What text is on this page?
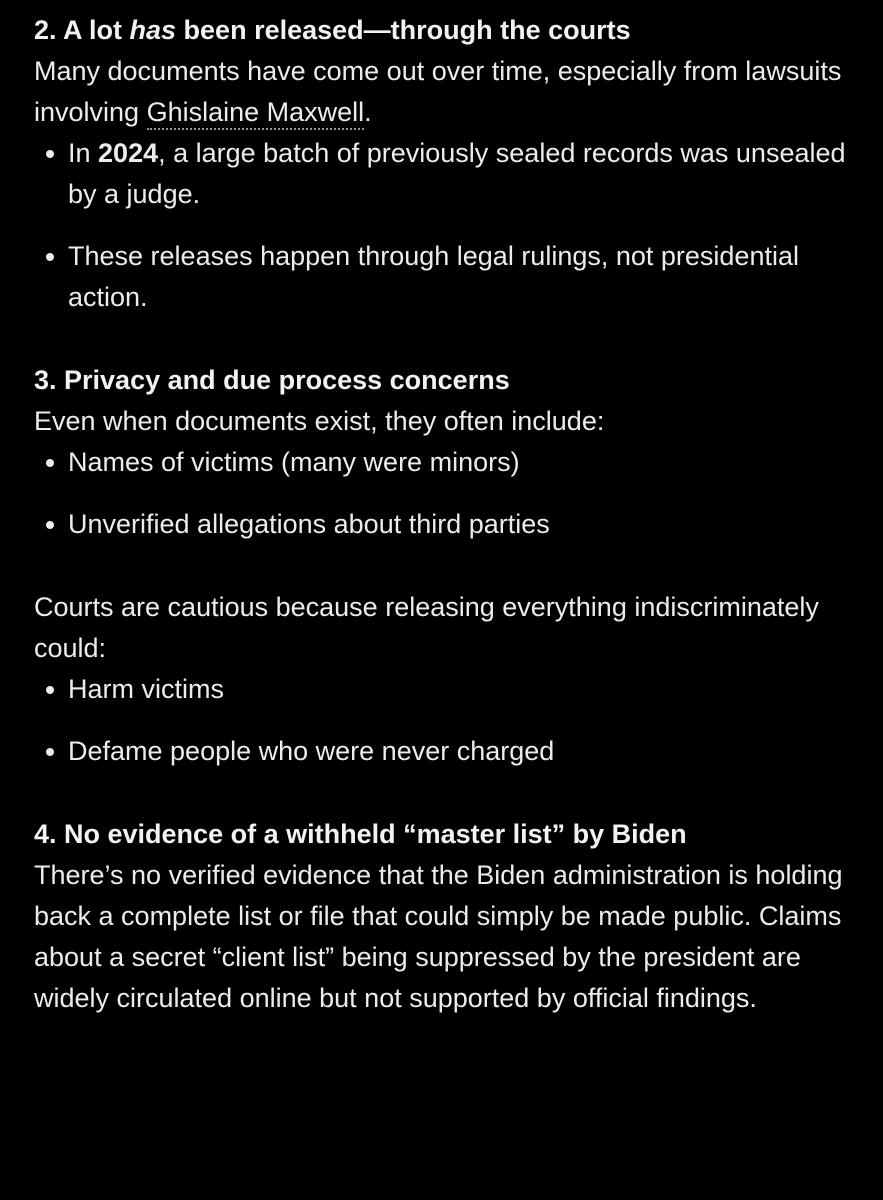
2. A lot has been released—through the courts

Many documents have come out over time, especially from lawsuits involving Ghislaine Maxwell.

In 2024, a large batch of previously sealed records was unsealed by a judge.
These releases happen through legal rulings, not presidential action.

3. Privacy and due process concerns

Even when documents exist, they often include:

Names of victims (many were minors)
Unverified allegations about third parties

Courts are cautious because releasing everything indiscriminately could:

Harm victims
Defame people who were never charged

4. No evidence of a withheld “master list” by Biden

There’s no verified evidence that the Biden administration is holding back a complete list or file that could simply be made public. Claims about a secret “client list” being suppressed by the president are widely circulated online but not supported by official findings.
